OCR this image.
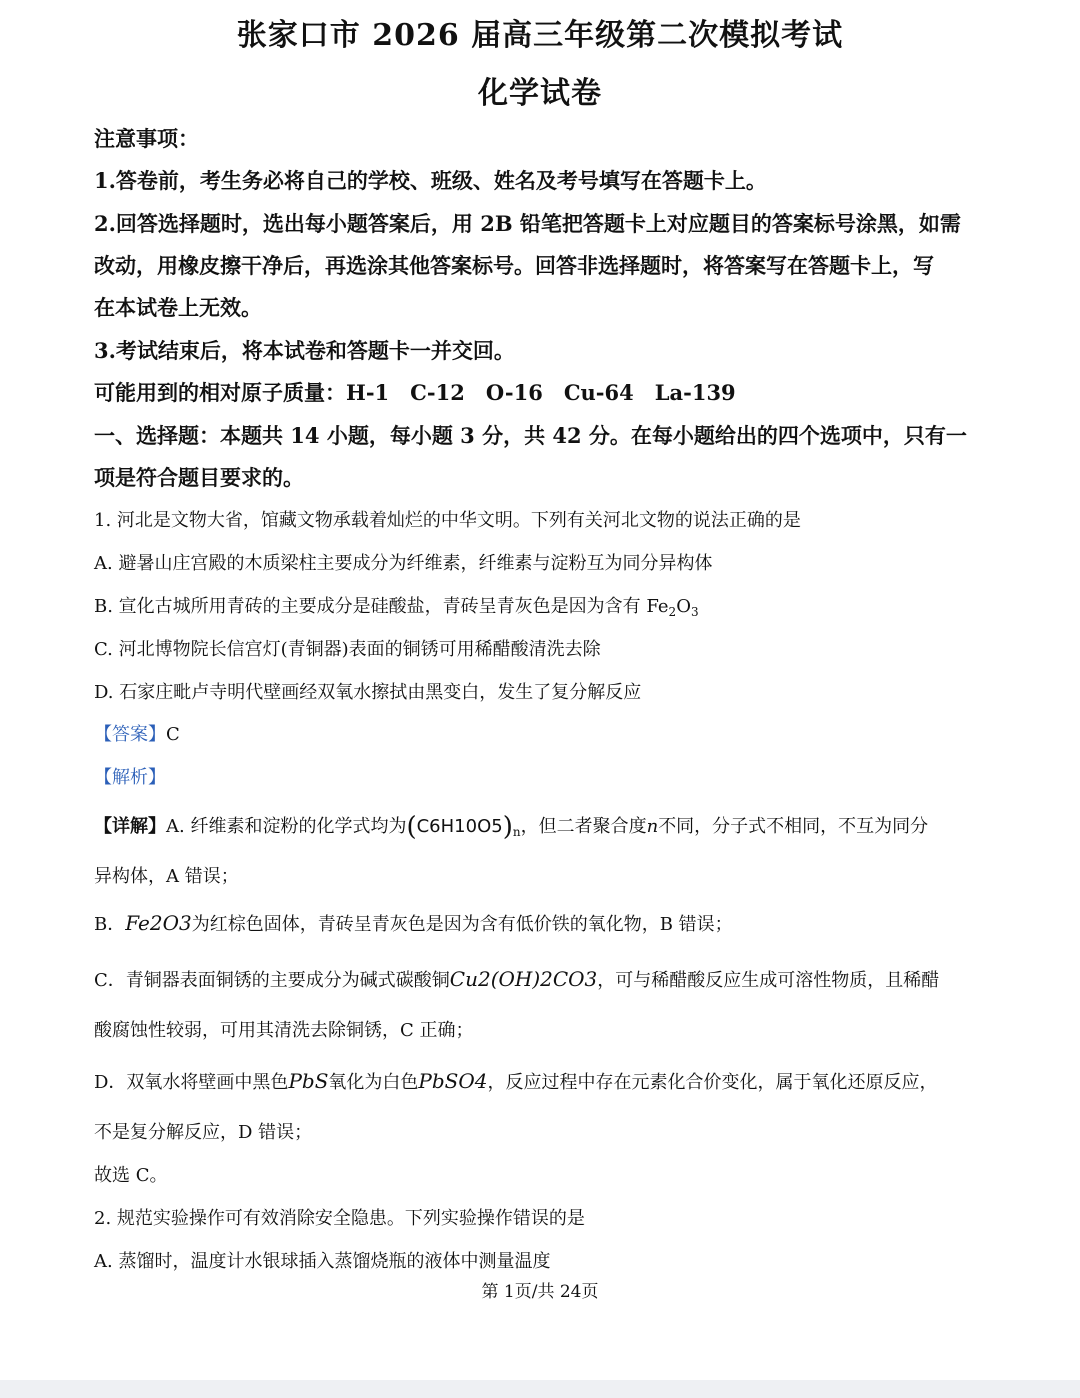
张家口市 2026 届高三年级第二次模拟考试
化学试卷
注意事项：
1.答卷前，考生务必将自己的学校、班级、姓名及考号填写在答题卡上。
2.回答选择题时，选出每小题答案后，用 2B 铅笔把答题卡上对应题目的答案标号涂黑，如需
改动，用橡皮擦干净后，再选涂其他答案标号。回答非选择题时，将答案写在答题卡上，写
在本试卷上无效。
3.考试结束后，将本试卷和答题卡一并交回。
可能用到的相对原子质量：H-1　C-12　O-16　Cu-64　La-139
一、选择题：本题共 14 小题，每小题 3 分，共 42 分。在每小题给出的四个选项中，只有一
项是符合题目要求的。
1. 河北是文物大省，馆藏文物承载着灿烂的中华文明。下列有关河北文物的说法正确的是
A. 避暑山庄宫殿的木质梁柱主要成分为纤维素，纤维素与淀粉互为同分异构体
B. 宣化古城所用青砖的主要成分是硅酸盐，青砖呈青灰色是因为含有 $Fe_2O_3$
C. 河北博物院长信宫灯(青铜器)表面的铜锈可用稀醋酸清洗去除
D. 石家庄毗卢寺明代壁画经双氧水擦拭由黑变白，发生了复分解反应
【答案】C
【解析】
【详解】A. 纤维素和淀粉的化学式均为$(C6H10O5)_n$，但二者聚合度n不同，分子式不相同，不互为同分
异构体，A 错误；
B．Fe2O3为红棕色固体，青砖呈青灰色是因为含有低价铁的氧化物，B 错误；
C．青铜器表面铜锈的主要成分为碱式碳酸铜Cu2(OH)2CO3，可与稀醋酸反应生成可溶性物质，且稀醋
酸腐蚀性较弱，可用其清洗去除铜锈，C 正确；
D．双氧水将壁画中黑色PbS氧化为白色PbSO4，反应过程中存在元素化合价变化，属于氧化还原反应，
不是复分解反应，D 错误；
故选 C。
2. 规范实验操作可有效消除安全隐患。下列实验操作错误的是
A. 蒸馏时，温度计水银球插入蒸馏烧瓶的液体中测量温度
第 1页/共 24页
